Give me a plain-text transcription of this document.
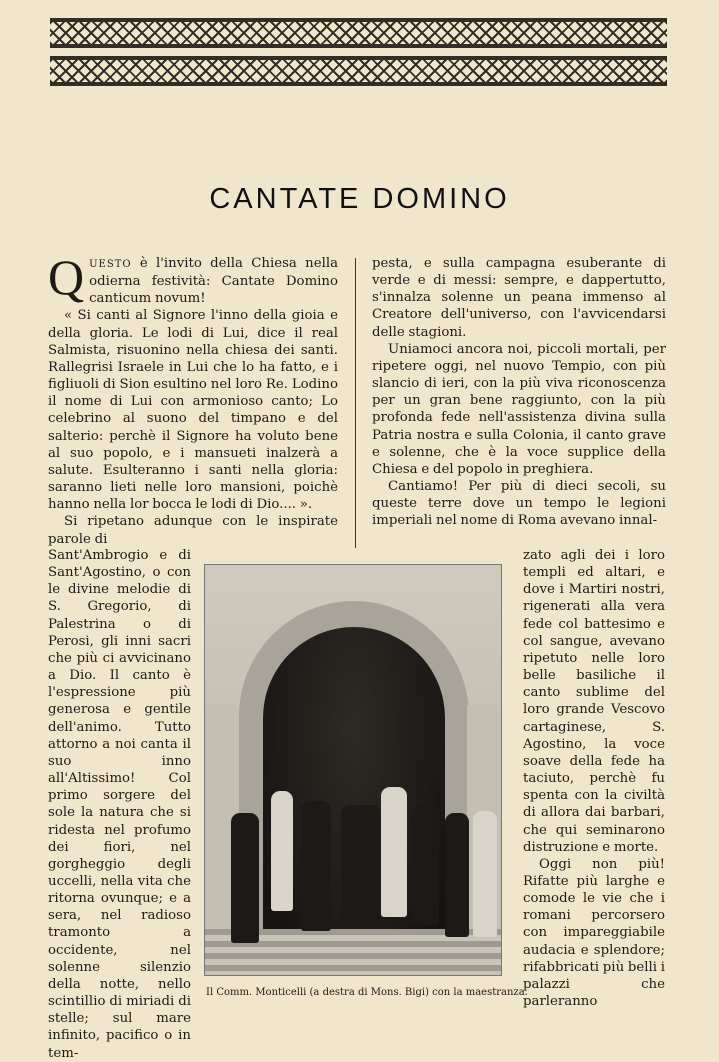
CANTATE DOMINO

QUESTO è l'invito della Chiesa nella odierna festività: Cantate Domino canticum novum!

« Si canti al Signore l'inno della gioia e della gloria. Le lodi di Lui, dice il real Salmista, risuonino nella chiesa dei santi. Rallegrisi Israele in Lui che lo ha fatto, e i figliuoli di Sion esultino nel loro Re. Lodino il nome di Lui con armonioso canto; Lo celebrino al suono del timpano e del salterio: perchè il Signore ha voluto bene al suo popolo, e i mansueti inalzerà a salute. Esulteranno i santi nella gloria: saranno lieti nelle loro mansioni, poichè hanno nella lor bocca le lodi di Dio.... ».

Si ripetano adunque con le inspirate parole di

Sant'Ambrogio e di Sant'Agostino, o con le divine melodie di S. Gregorio, di Palestrina o di Perosi, gli inni sacri che più ci avvicinano a Dio. Il canto è l'espressione più generosa e gentile dell'animo. Tutto attorno a noi canta il suo inno all'Altissimo! Col primo sorgere del sole la natura che si ridesta nel profumo dei fiori, nel gorgheggio degli uccelli, nella vita che ritorna ovunque; e a sera, nel radioso tramonto a occidente, nel solenne silenzio della notte, nello scintillio di miriadi di stelle; sul mare infinito, pacifico o in tem-

pesta, e sulla campagna esuberante di verde e di messi: sempre, e dappertutto, s'innalza solenne un peana immenso al Creatore dell'universo, con l'avvicendarsi delle stagioni.

Uniamoci ancora noi, piccoli mortali, per ripetere oggi, nel nuovo Tempio, con più slancio di ieri, con la più viva riconoscenza per un gran bene raggiunto, con la più profonda fede nell'assistenza divina sulla Patria nostra e sulla Colonia, il canto grave e solenne, che è la voce supplice della Chiesa e del popolo in preghiera.

Cantiamo! Per più di dieci secoli, su queste terre dove un tempo le legioni imperiali nel nome di Roma avevano innal-

zato agli dei i loro templi ed altari, e dove i Martiri nostri, rigenerati alla vera fede col battesimo e col sangue, avevano ripetuto nelle loro belle basiliche il canto sublime del loro grande Vescovo cartaginese, S. Agostino, la voce soave della fede ha taciuto, perchè fu spenta con la civiltà di allora dai barbari, che qui seminarono distruzione e morte.

Oggi non più! Rifatte più larghe e comode le vie che i romani percorsero con impareggiabile audacia e splendore; rifabbricati più belli i palazzi che parleranno

Il Comm. Monticelli (a destra di Mons. Bigi) con la maestranza.
